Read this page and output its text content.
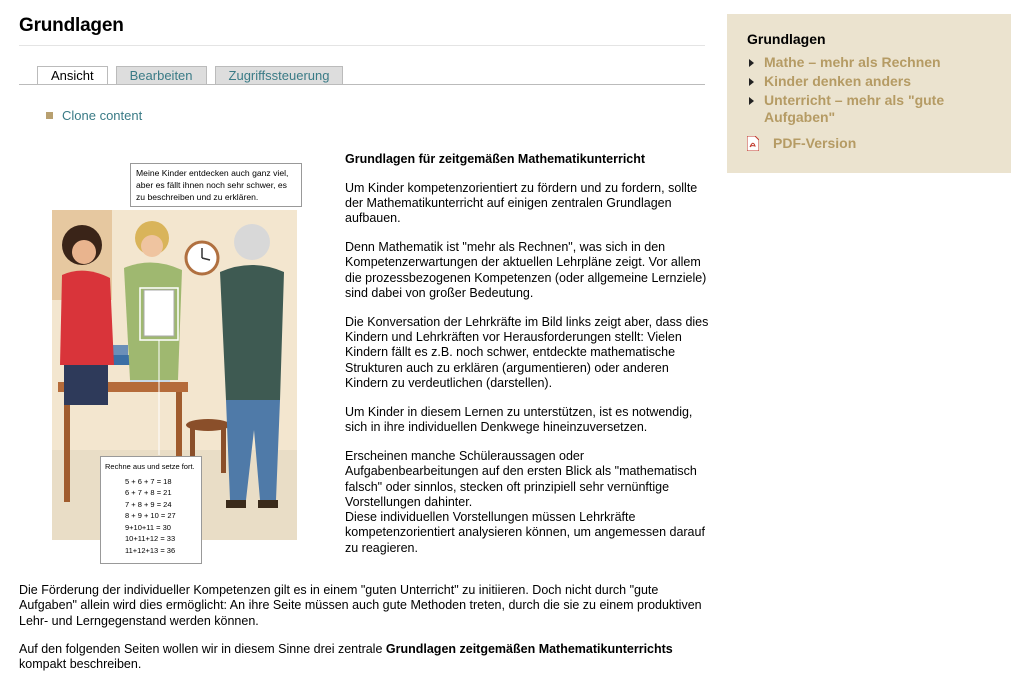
Grundlagen
Ansicht	Bearbeiten	Zugriffssteuerung
Clone content
Meine Kinder entdecken auch ganz viel,
aber es fällt ihnen noch sehr schwer, es
zu beschreiben und zu erklären.
Rechne aus und setze fort.
5 + 6 + 7 = 18
6 + 7 + 8 = 21
7 + 8 + 9 = 24
8 + 9 + 10 = 27
9+10+11 = 30
10+11+12 = 33
11+12+13 = 36

Grundlagen für zeitgemäßen Mathematikunterricht

Um Kinder kompetenzorientiert zu fördern und zu fordern, sollte der Mathematikunterricht auf einigen zentralen Grundlagen aufbauen.

Denn Mathematik ist "mehr als Rechnen", was sich in den Kompetenzerwartungen der aktuellen Lehrpläne zeigt. Vor allem die prozessbezogenen Kompetenzen (oder allgemeine Lernziele) sind dabei von großer Bedeutung.

Die Konversation der Lehrkräfte im Bild links zeigt aber, dass dies Kindern und Lehrkräften vor Herausforderungen stellt: Vielen Kindern fällt es z.B. noch schwer, entdeckte mathematische Strukturen auch zu erklären (argumentieren) oder anderen Kindern zu verdeutlichen (darstellen).

Um Kinder in diesem Lernen zu unterstützen, ist es notwendig, sich in ihre individuellen Denkwege hineinzuversetzen.

Erscheinen manche Schüleraussagen oder Aufgabenbearbeitungen auf den ersten Blick als "mathematisch falsch" oder sinnlos, stecken oft prinzipiell sehr vernünftige Vorstellungen dahinter.
Diese individuellen Vorstellungen müssen Lehrkräfte kompetenzorientiert analysieren können, um angemessen darauf zu reagieren.

Die Förderung der individueller Kompetenzen gilt es in einem "guten Unterricht" zu initiieren. Doch nicht durch "gute Aufgaben" allein wird dies ermöglicht: An ihre Seite müssen auch gute Methoden treten, durch die sie zu einem produktiven Lehr- und Lerngegenstand werden können.

Auf den folgenden Seiten wollen wir in diesem Sinne drei zentrale Grundlagen zeitgemäßen Mathematikunterrichts kompakt beschreiben.

Grundlagen
Mathe – mehr als Rechnen
Kinder denken anders
Unterricht – mehr als "gute Aufgaben"
PDF-Version
